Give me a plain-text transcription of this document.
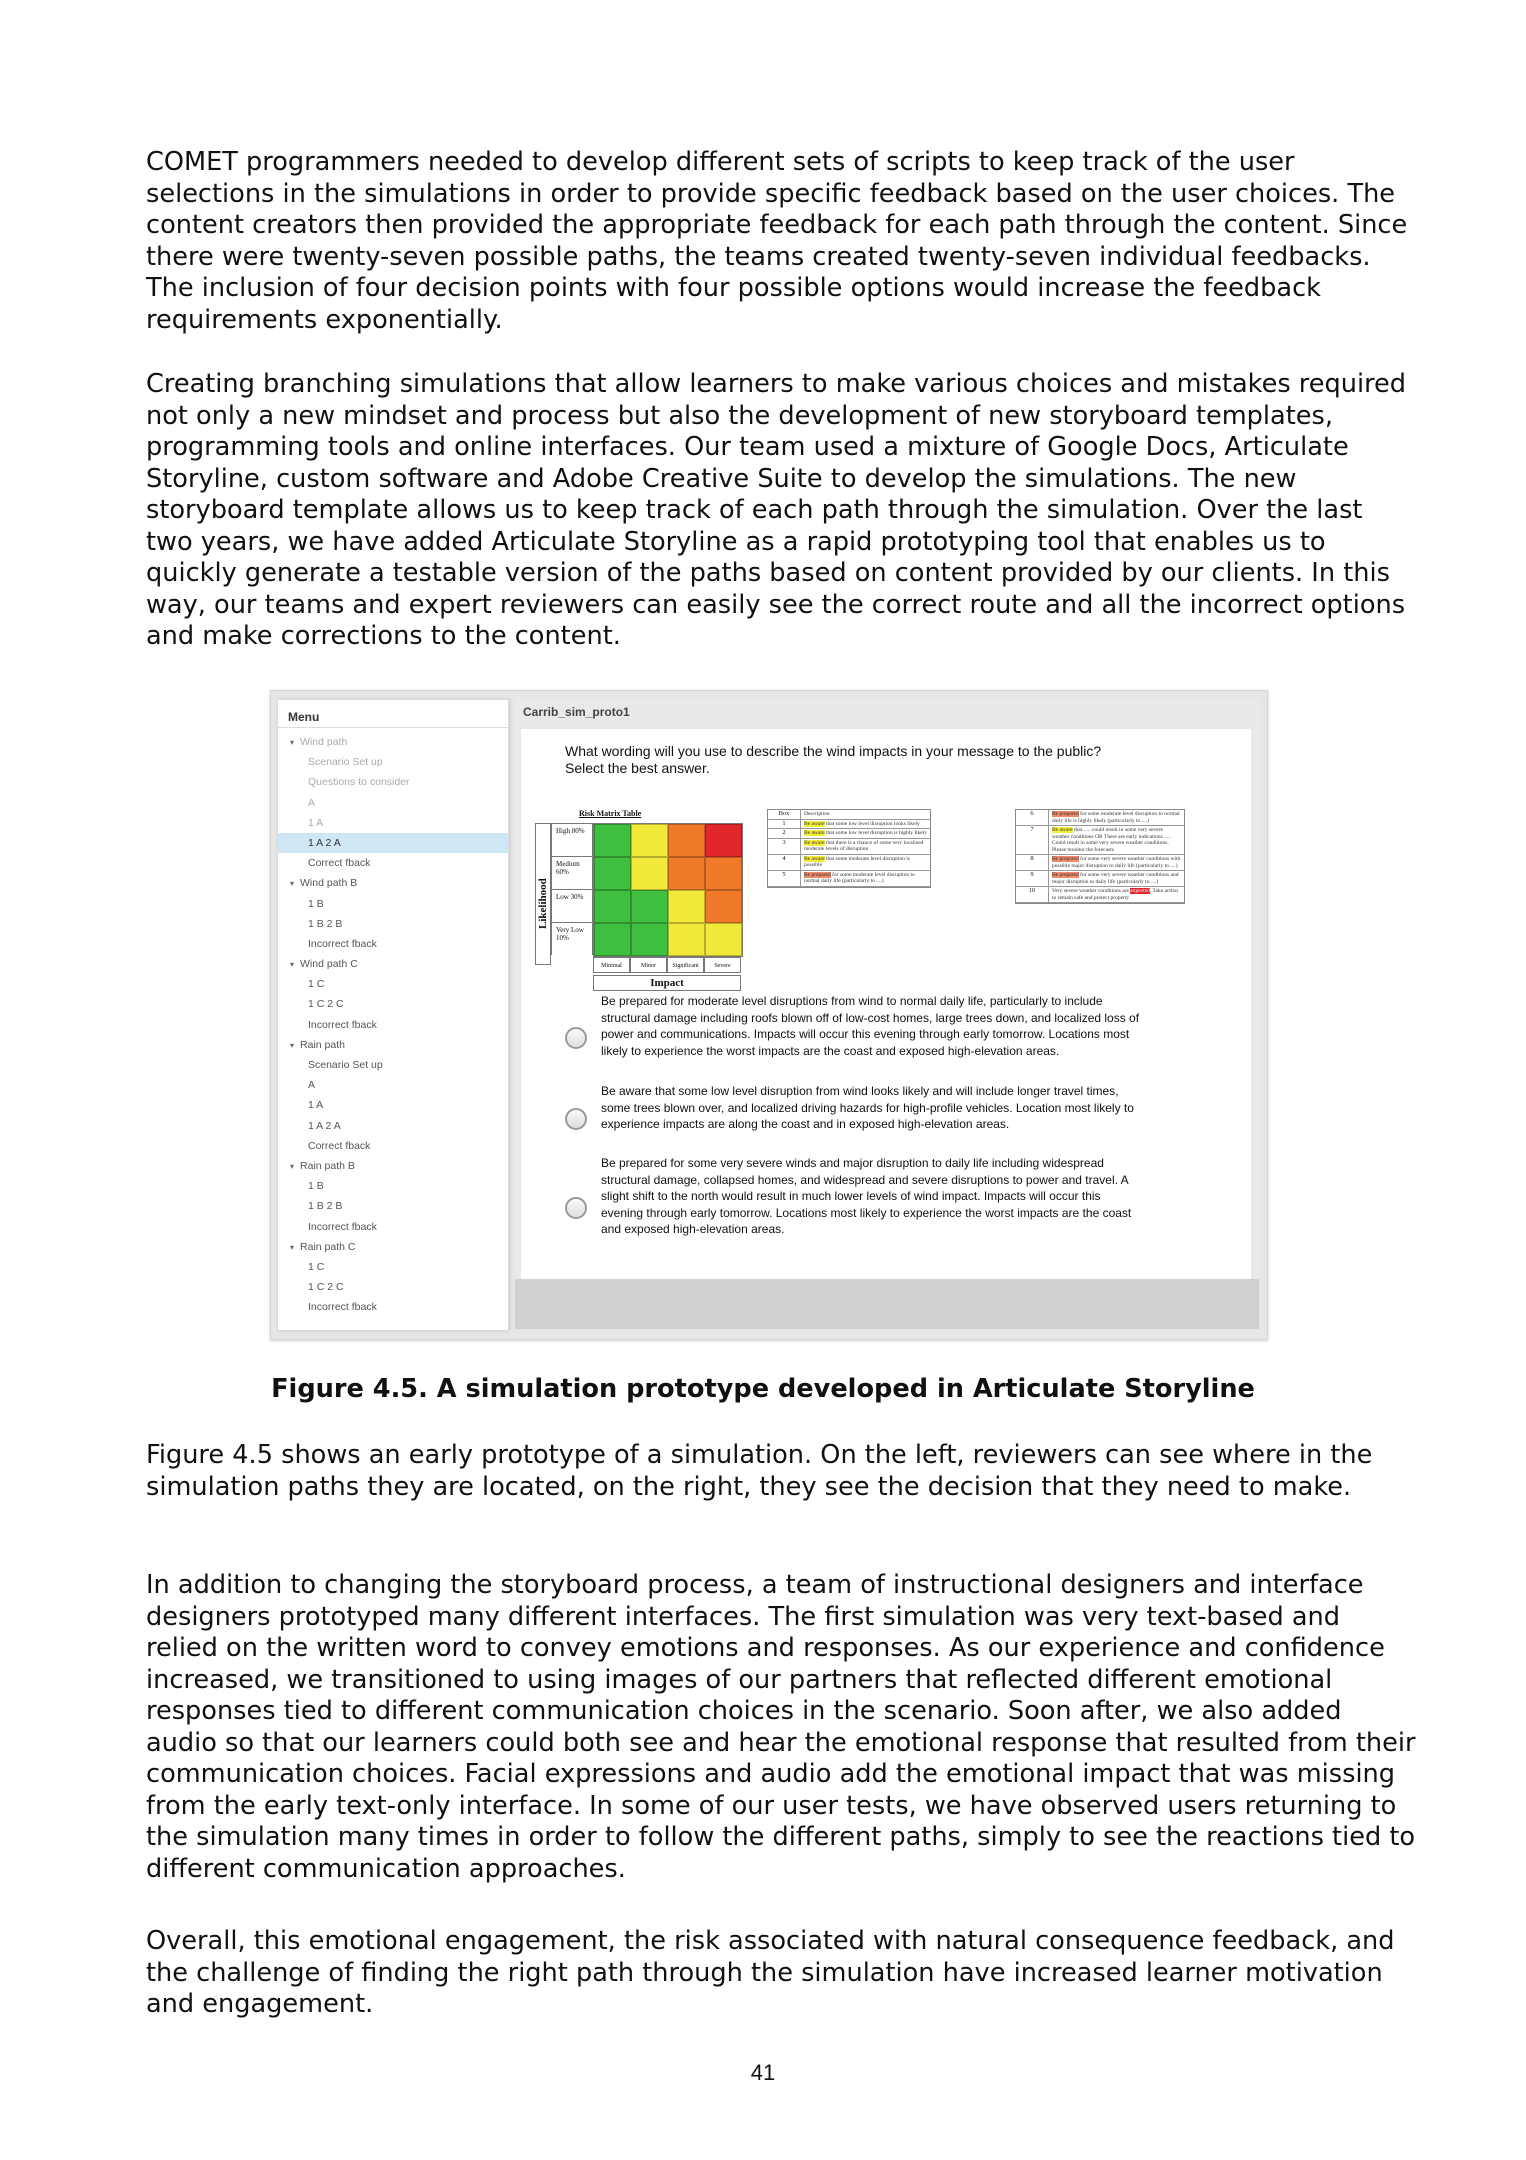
COMET programmers needed to develop different sets of scripts to keep track of the user selections in the simulations in order to provide specific feedback based on the user choices. The content creators then provided the appropriate feedback for each path through the content. Since there were twenty-seven possible paths, the teams created twenty-seven individual feedbacks. The inclusion of four decision points with four possible options would increase the feedback requirements exponentially.

Creating branching simulations that allow learners to make various choices and mistakes required not only a new mindset and process but also the development of new storyboard templates, programming tools and online interfaces. Our team used a mixture of Google Docs, Articulate Storyline, custom software and Adobe Creative Suite to develop the simulations. The new storyboard template allows us to keep track of each path through the simulation. Over the last two years, we have added Articulate Storyline as a rapid prototyping tool that enables us to quickly generate a testable version of the paths based on content provided by our clients. In this way, our teams and expert reviewers can easily see the correct route and all the incorrect options and make corrections to the content.

Menu
▾ Wind path
Scenario Set up
Questions to consider
A
1 A
1 A 2 A
Correct fback
▾ Wind path B
1 B
1 B 2 B
Incorrect fback
▾ Wind path C
1 C
1 C 2 C
Incorrect fback
▾ Rain path
Scenario Set up
A
1 A
1 A 2 A
Correct fback
▾ Rain path B
1 B
1 B 2 B
Incorrect fback
▾ Rain path C
1 C
1 C 2 C
Incorrect fback
Carrib_sim_proto1
What wording will you use to describe the wind impacts in your message to the public? Select the best answer.
Risk Matrix Table
Likelihood
High 80%
Medium 60%
Low 30%
Very Low 10%
Minimal	Minor	Significant	Severe
Impact
Box	Description
1	Be aware that some low level disruption looks likely
2	Be aware that some low level disruption is highly likely
3	Be aware that there is a chance of some very localized moderate levels of disruption
4	Be aware that some moderate level disruption is possible
5	Be prepared for some moderate level disruption to normal daily life (particularly to ....)
6	Be prepared for some moderate level disruption to normal daily life is highly likely (particularly to ....)
7	Be aware that ..... could result in some very severe weather conditions OR There are early indications ..... Could result in some very severe weather conditions. Please monitor the forecasts
8	Be prepared for some very severe weather conditions with possible major disruption to daily life (particularly to ....)
9	Be prepared for some very severe weather conditions and major disruption to daily life (particularly to ....)
10	Very severe weather conditions are expected. Take action to remain safe and protect property
Be prepared for moderate level disruptions from wind to normal daily life, particularly to include structural damage including roofs blown off of low-cost homes, large trees down, and localized loss of power and communications. Impacts will occur this evening through early tomorrow. Locations most likely to experience the worst impacts are the coast and exposed high-elevation areas.
Be aware that some low level disruption from wind looks likely and will include longer travel times, some trees blown over, and localized driving hazards for high-profile vehicles. Location most likely to experience impacts are along the coast and in exposed high-elevation areas.
Be prepared for some very severe winds and major disruption to daily life including widespread structural damage, collapsed homes, and widespread and severe disruptions to power and travel. A slight shift to the north would result in much lower levels of wind impact. Impacts will occur this evening through early tomorrow. Locations most likely to experience the worst impacts are the coast and exposed high-elevation areas.
Figure 4.5. A simulation prototype developed in Articulate Storyline

Figure 4.5 shows an early prototype of a simulation. On the left, reviewers can see where in the simulation paths they are located, on the right, they see the decision that they need to make.

In addition to changing the storyboard process, a team of instructional designers and interface designers prototyped many different interfaces. The first simulation was very text-based and relied on the written word to convey emotions and responses. As our experience and confidence increased, we transitioned to using images of our partners that reflected different emotional responses tied to different communication choices in the scenario. Soon after, we also added audio so that our learners could both see and hear the emotional response that resulted from their communication choices. Facial expressions and audio add the emotional impact that was missing from the early text-only interface. In some of our user tests, we have observed users returning to the simulation many times in order to follow the different paths, simply to see the reactions tied to different communication approaches.

Overall, this emotional engagement, the risk associated with natural consequence feedback, and the challenge of finding the right path through the simulation have increased learner motivation and engagement.

41
